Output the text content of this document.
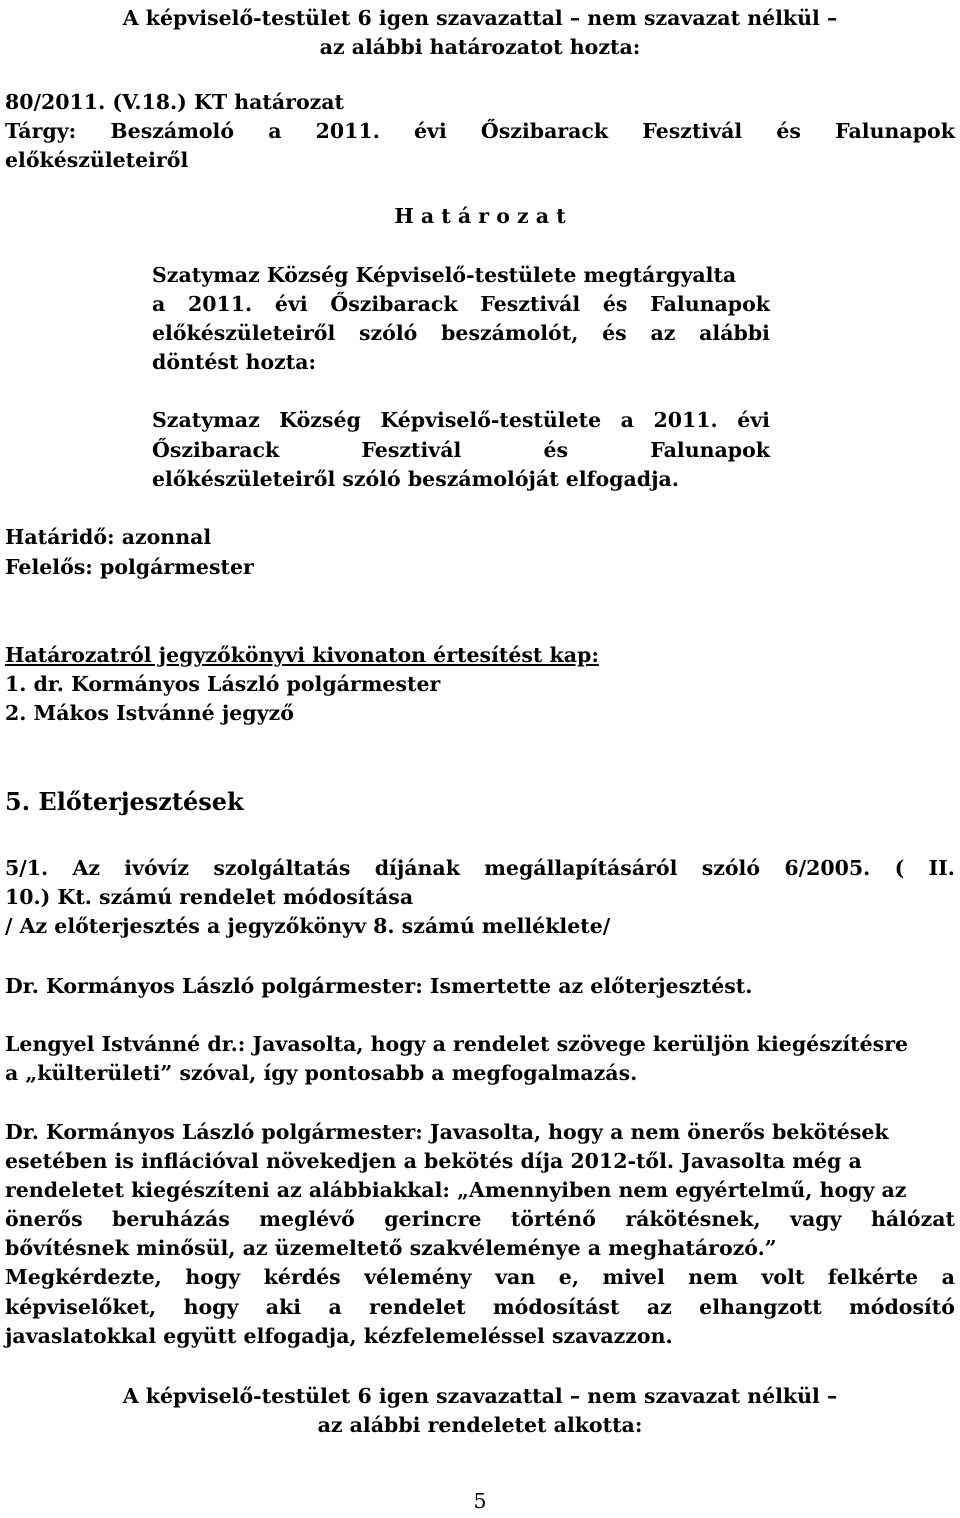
A képviselő-testület 6 igen szavazattal – nem szavazat nélkül –
az alábbi határozatot hozta:
80/2011. (V.18.) KT határozat
Tárgy: Beszámoló a 2011. évi Őszibarack Fesztivál és Falunapok
előkészületeiről
H a t á r o z a t
Szatymaz Község Képviselő-testülete megtárgyalta
a 2011. évi Őszibarack Fesztivál és Falunapok
előkészületeiről szóló beszámolót, és az alábbi
döntést hozta:
Szatymaz Község Képviselő-testülete a 2011. évi
Őszibarack	Fesztivál	és	Falunapok
előkészületeiről szóló beszámolóját elfogadja.
Határidő: azonnal
Felelős: polgármester
Határozatról jegyzőkönyvi kivonaton értesítést kap:
1. dr. Kormányos László polgármester
2. Mákos Istvánné jegyző
5. Előterjesztések
5/1. Az ivóvíz szolgáltatás díjának megállapításáról szóló 6/2005. ( II.
10.) Kt. számú rendelet módosítása
/ Az előterjesztés a jegyzőkönyv 8. számú melléklete/
Dr. Kormányos László polgármester: Ismertette az előterjesztést.
Lengyel Istvánné dr.: Javasolta, hogy a rendelet szövege kerüljön kiegészítésre
a „külterületi” szóval, így pontosabb a megfogalmazás.
Dr. Kormányos László polgármester: Javasolta, hogy a nem önerős bekötések
esetében is inflációval növekedjen a bekötés díja 2012-től. Javasolta még a
rendeletet kiegészíteni az alábbiakkal: „Amennyiben nem egyértelmű, hogy az
önerős beruházás meglévő gerincre történő rákötésnek, vagy hálózat
bővítésnek minősül, az üzemeltető szakvéleménye a meghatározó.”
Megkérdezte, hogy kérdés vélemény van e, mivel nem volt felkérte a
képviselőket, hogy aki a rendelet módosítást az elhangzott módosító
javaslatokkal együtt elfogadja, kézfelemeléssel szavazzon.
A képviselő-testület 6 igen szavazattal – nem szavazat nélkül –
az alábbi rendeletet alkotta:
5
